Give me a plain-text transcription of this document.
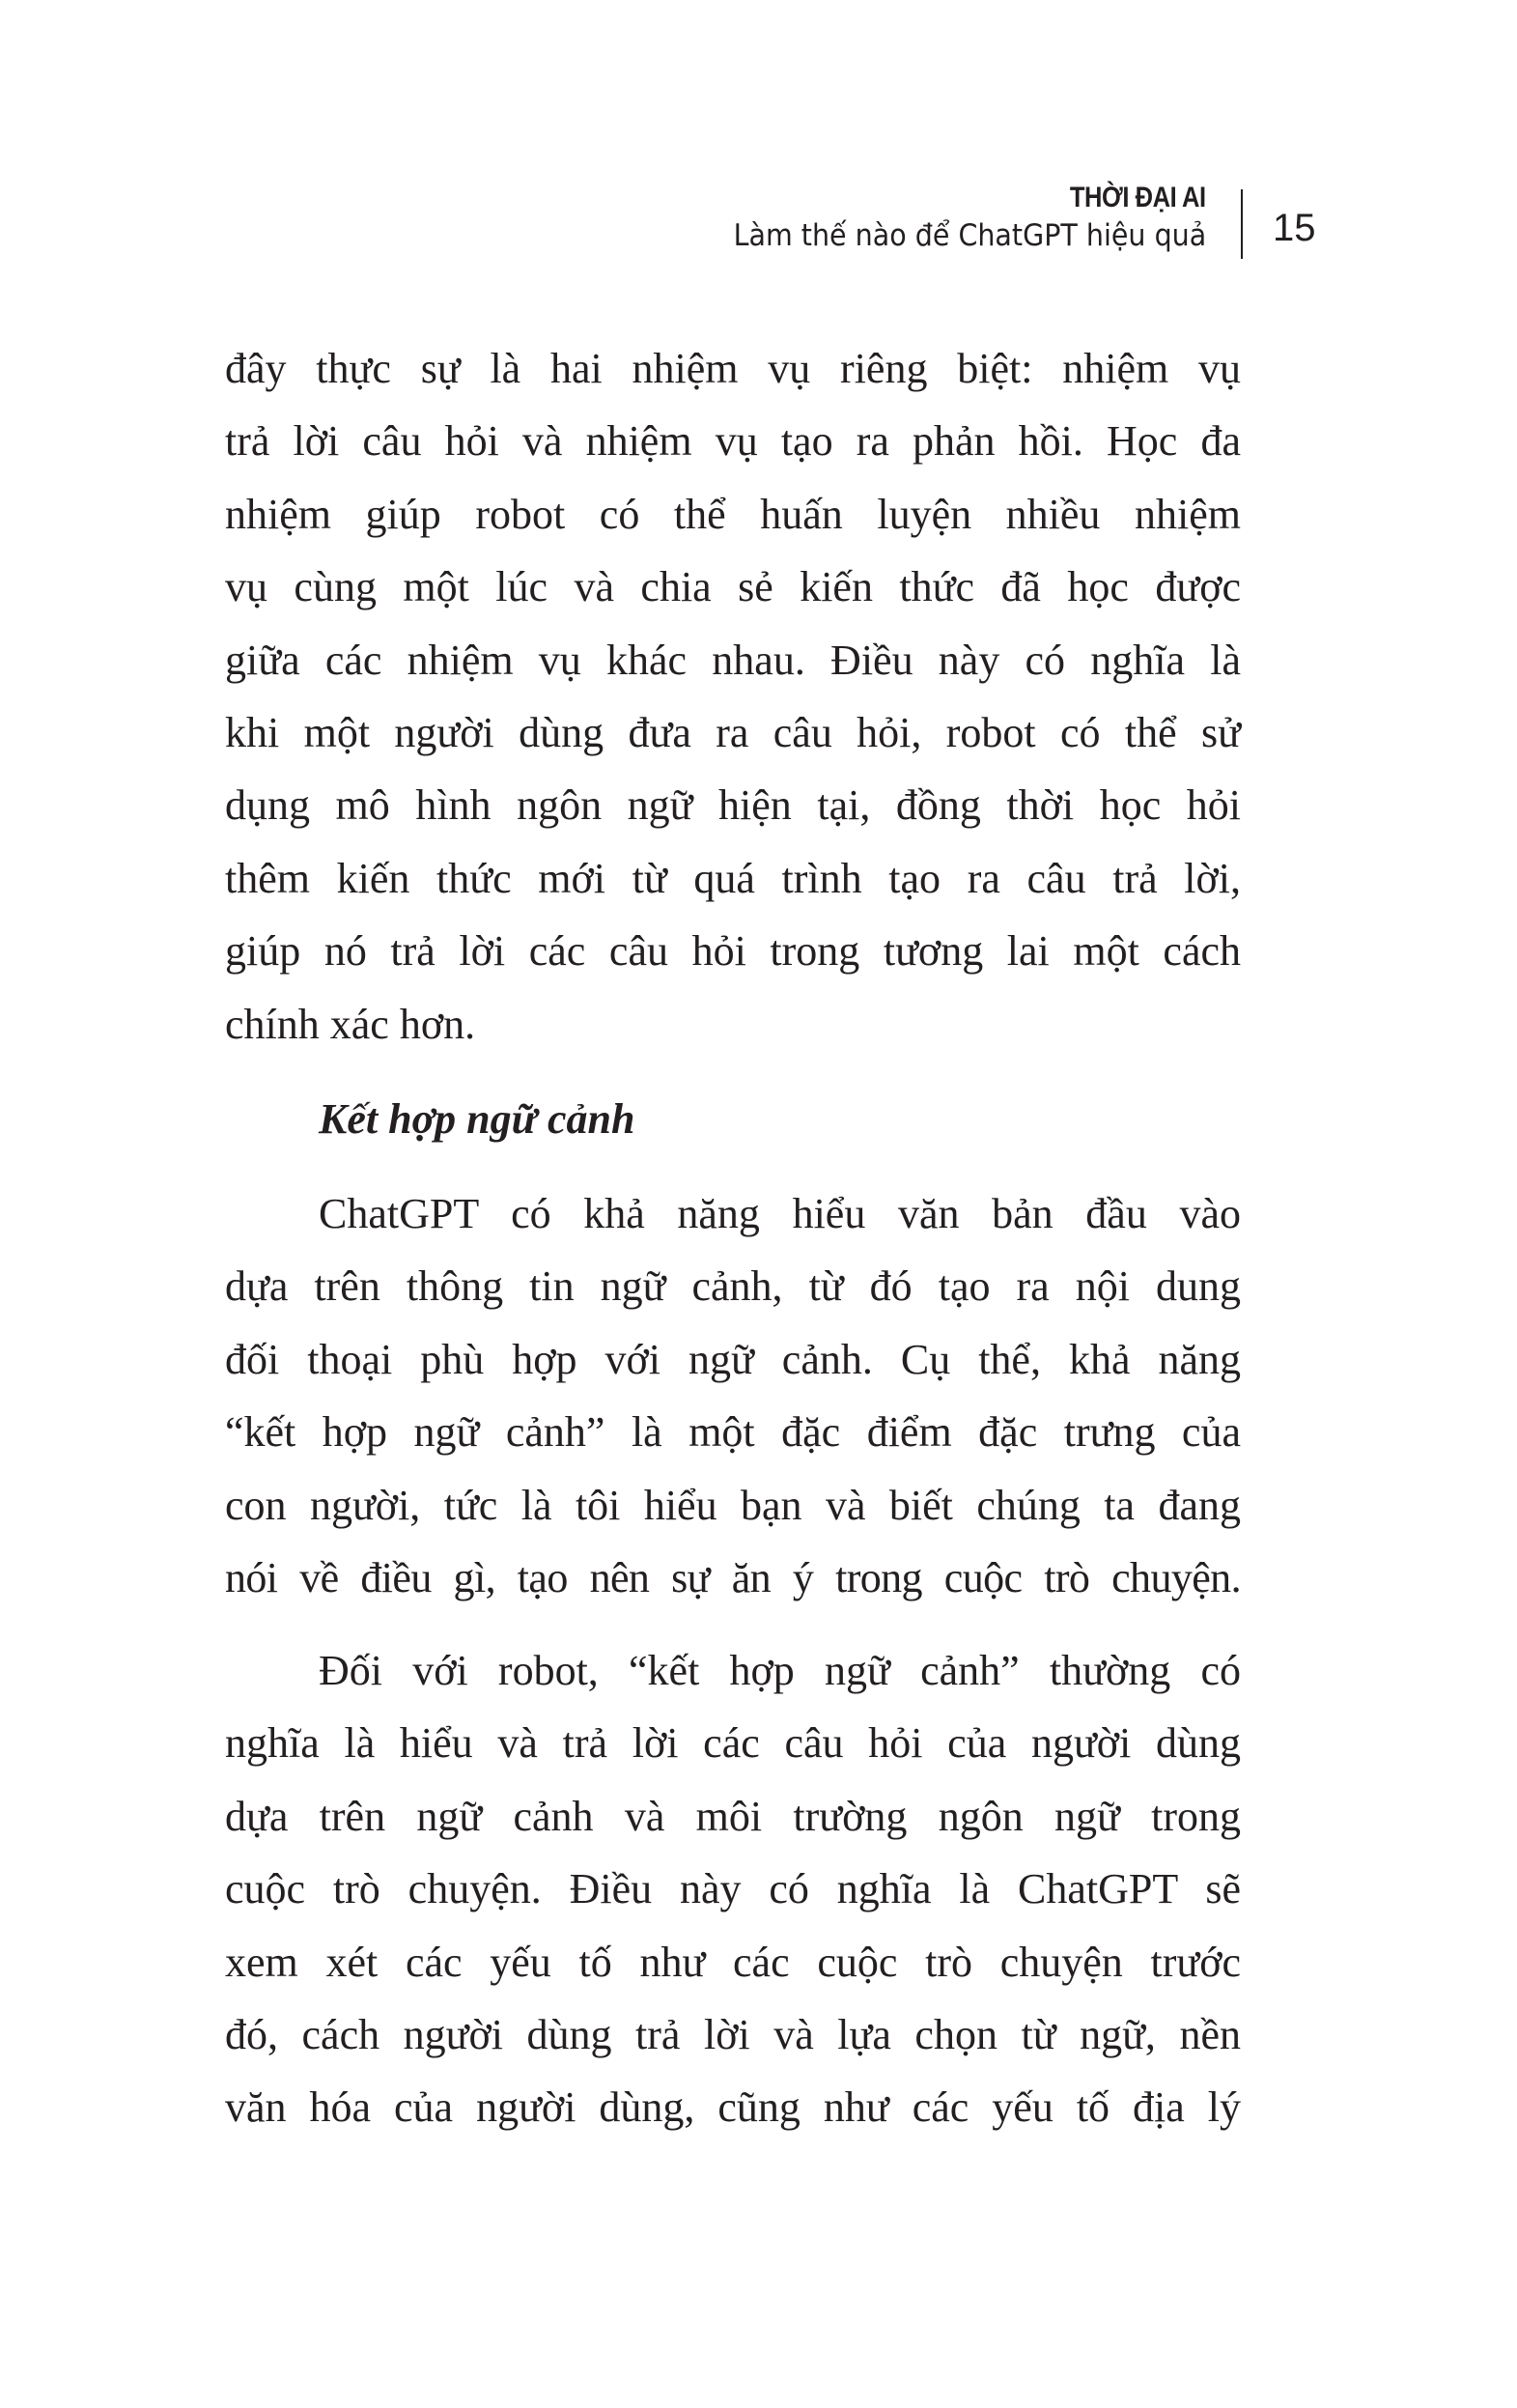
THỜI ĐẠI AI
Làm thế nào để ChatGPT hiệu quả 15
đây thực sự là hai nhiệm vụ riêng biệt: nhiệm vụ
trả lời câu hỏi và nhiệm vụ tạo ra phản hồi. Học đa
nhiệm giúp robot có thể huấn luyện nhiều nhiệm
vụ cùng một lúc và chia sẻ kiến thức đã học được
giữa các nhiệm vụ khác nhau. Điều này có nghĩa là
khi một người dùng đưa ra câu hỏi, robot có thể sử
dụng mô hình ngôn ngữ hiện tại, đồng thời học hỏi
thêm kiến thức mới từ quá trình tạo ra câu trả lời,
giúp nó trả lời các câu hỏi trong tương lai một cách
chính xác hơn.
Kết hợp ngữ cảnh
ChatGPT có khả năng hiểu văn bản đầu vào
dựa trên thông tin ngữ cảnh, từ đó tạo ra nội dung
đối thoại phù hợp với ngữ cảnh. Cụ thể, khả năng
“kết hợp ngữ cảnh” là một đặc điểm đặc trưng của
con người, tức là tôi hiểu bạn và biết chúng ta đang
nói về điều gì, tạo nên sự ăn ý trong cuộc trò chuyện.
Đối với robot, “kết hợp ngữ cảnh” thường có
nghĩa là hiểu và trả lời các câu hỏi của người dùng
dựa trên ngữ cảnh và môi trường ngôn ngữ trong
cuộc trò chuyện. Điều này có nghĩa là ChatGPT sẽ
xem xét các yếu tố như các cuộc trò chuyện trước
đó, cách người dùng trả lời và lựa chọn từ ngữ, nền
văn hóa của người dùng, cũng như các yếu tố địa lý
